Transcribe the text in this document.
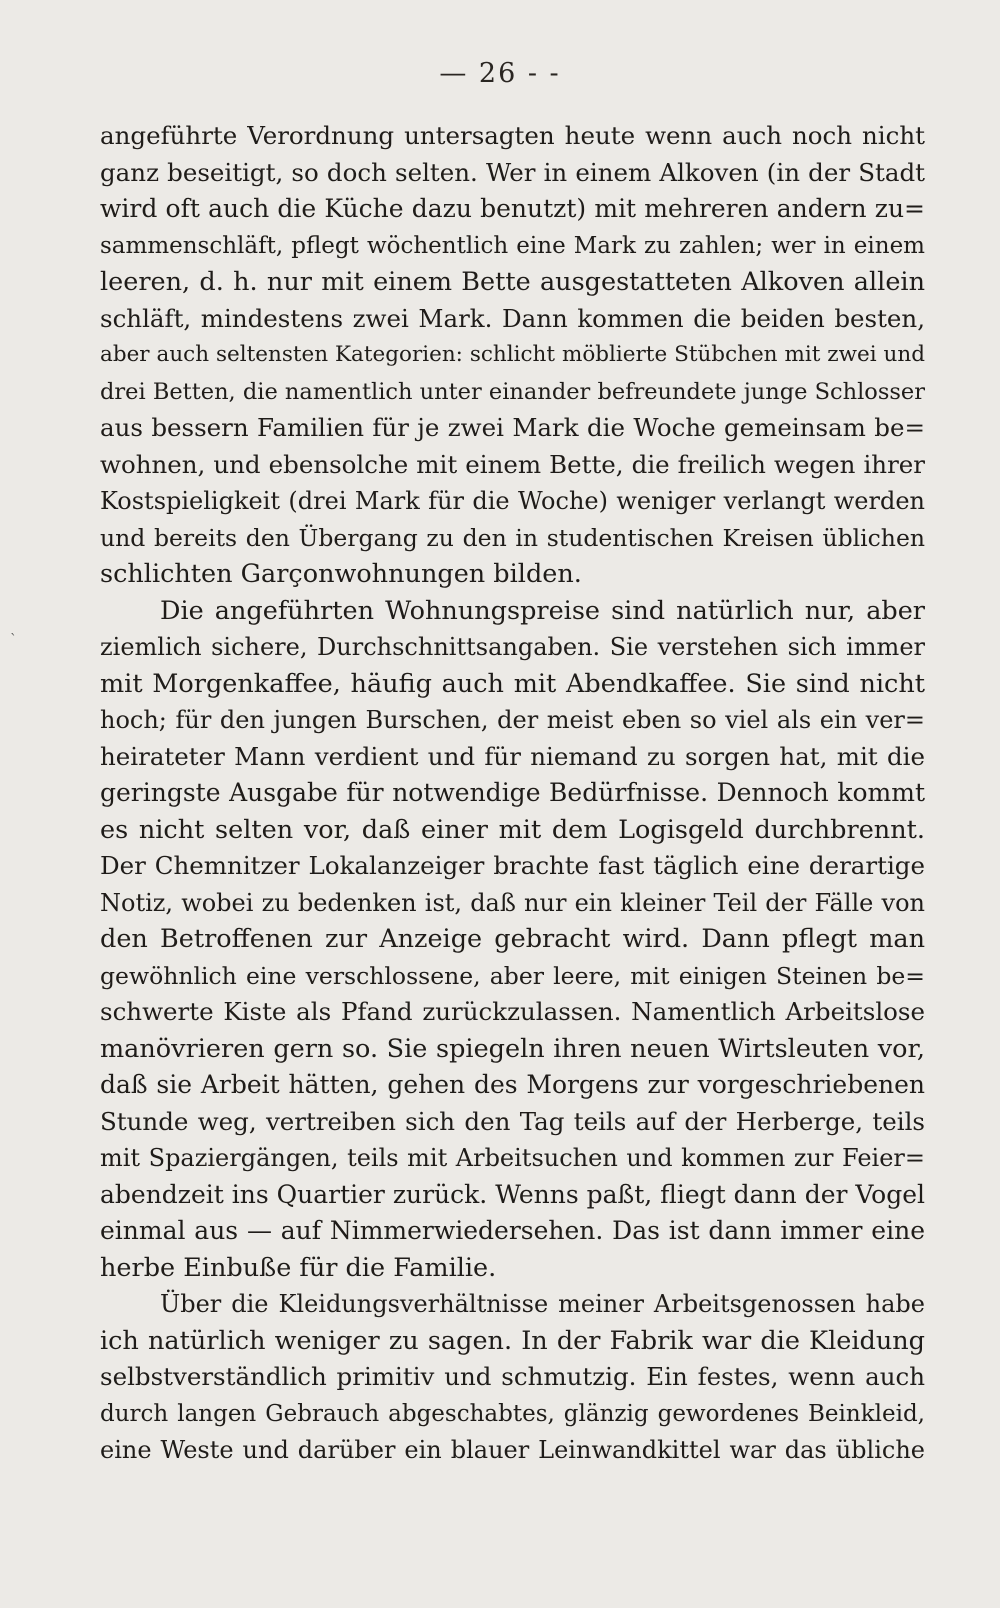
— 26 - -
ˋ
angeführte Verordnung untersagten heute wenn auch noch nicht
ganz beseitigt, so doch selten. Wer in einem Alkoven (in der Stadt
wird oft auch die Küche dazu benutzt) mit mehreren andern zu=
sammenschläft, pflegt wöchentlich eine Mark zu zahlen; wer in einem
leeren, d. h. nur mit einem Bette ausgestatteten Alkoven allein
schläft, mindestens zwei Mark. Dann kommen die beiden besten,
aber auch seltensten Kategorien: schlicht möblierte Stübchen mit zwei und
drei Betten, die namentlich unter einander befreundete junge Schlosser
aus bessern Familien für je zwei Mark die Woche gemeinsam be=
wohnen, und ebensolche mit einem Bette, die freilich wegen ihrer
Kostspieligkeit (drei Mark für die Woche) weniger verlangt werden
und bereits den Übergang zu den in studentischen Kreisen üblichen
schlichten Garçonwohnungen bilden.
Die angeführten Wohnungspreise sind natürlich nur, aber
ziemlich sichere, Durchschnittsangaben. Sie verstehen sich immer
mit Morgenkaffee, häufig auch mit Abendkaffee. Sie sind nicht
hoch; für den jungen Burschen, der meist eben so viel als ein ver=
heirateter Mann verdient und für niemand zu sorgen hat, mit die
geringste Ausgabe für notwendige Bedürfnisse. Dennoch kommt
es nicht selten vor, daß einer mit dem Logisgeld durchbrennt.
Der Chemnitzer Lokalanzeiger brachte fast täglich eine derartige
Notiz, wobei zu bedenken ist, daß nur ein kleiner Teil der Fälle von
den Betroffenen zur Anzeige gebracht wird. Dann pflegt man
gewöhnlich eine verschlossene, aber leere, mit einigen Steinen be=
schwerte Kiste als Pfand zurückzulassen. Namentlich Arbeitslose
manövrieren gern so. Sie spiegeln ihren neuen Wirtsleuten vor,
daß sie Arbeit hätten, gehen des Morgens zur vorgeschriebenen
Stunde weg, vertreiben sich den Tag teils auf der Herberge, teils
mit Spaziergängen, teils mit Arbeitsuchen und kommen zur Feier=
abendzeit ins Quartier zurück. Wenns paßt, fliegt dann der Vogel
einmal aus — auf Nimmerwiedersehen. Das ist dann immer eine
herbe Einbuße für die Familie.
Über die Kleidungsverhältnisse meiner Arbeitsgenossen habe
ich natürlich weniger zu sagen. In der Fabrik war die Kleidung
selbstverständlich primitiv und schmutzig. Ein festes, wenn auch
durch langen Gebrauch abgeschabtes, glänzig gewordenes Beinkleid,
eine Weste und darüber ein blauer Leinwandkittel war das übliche
